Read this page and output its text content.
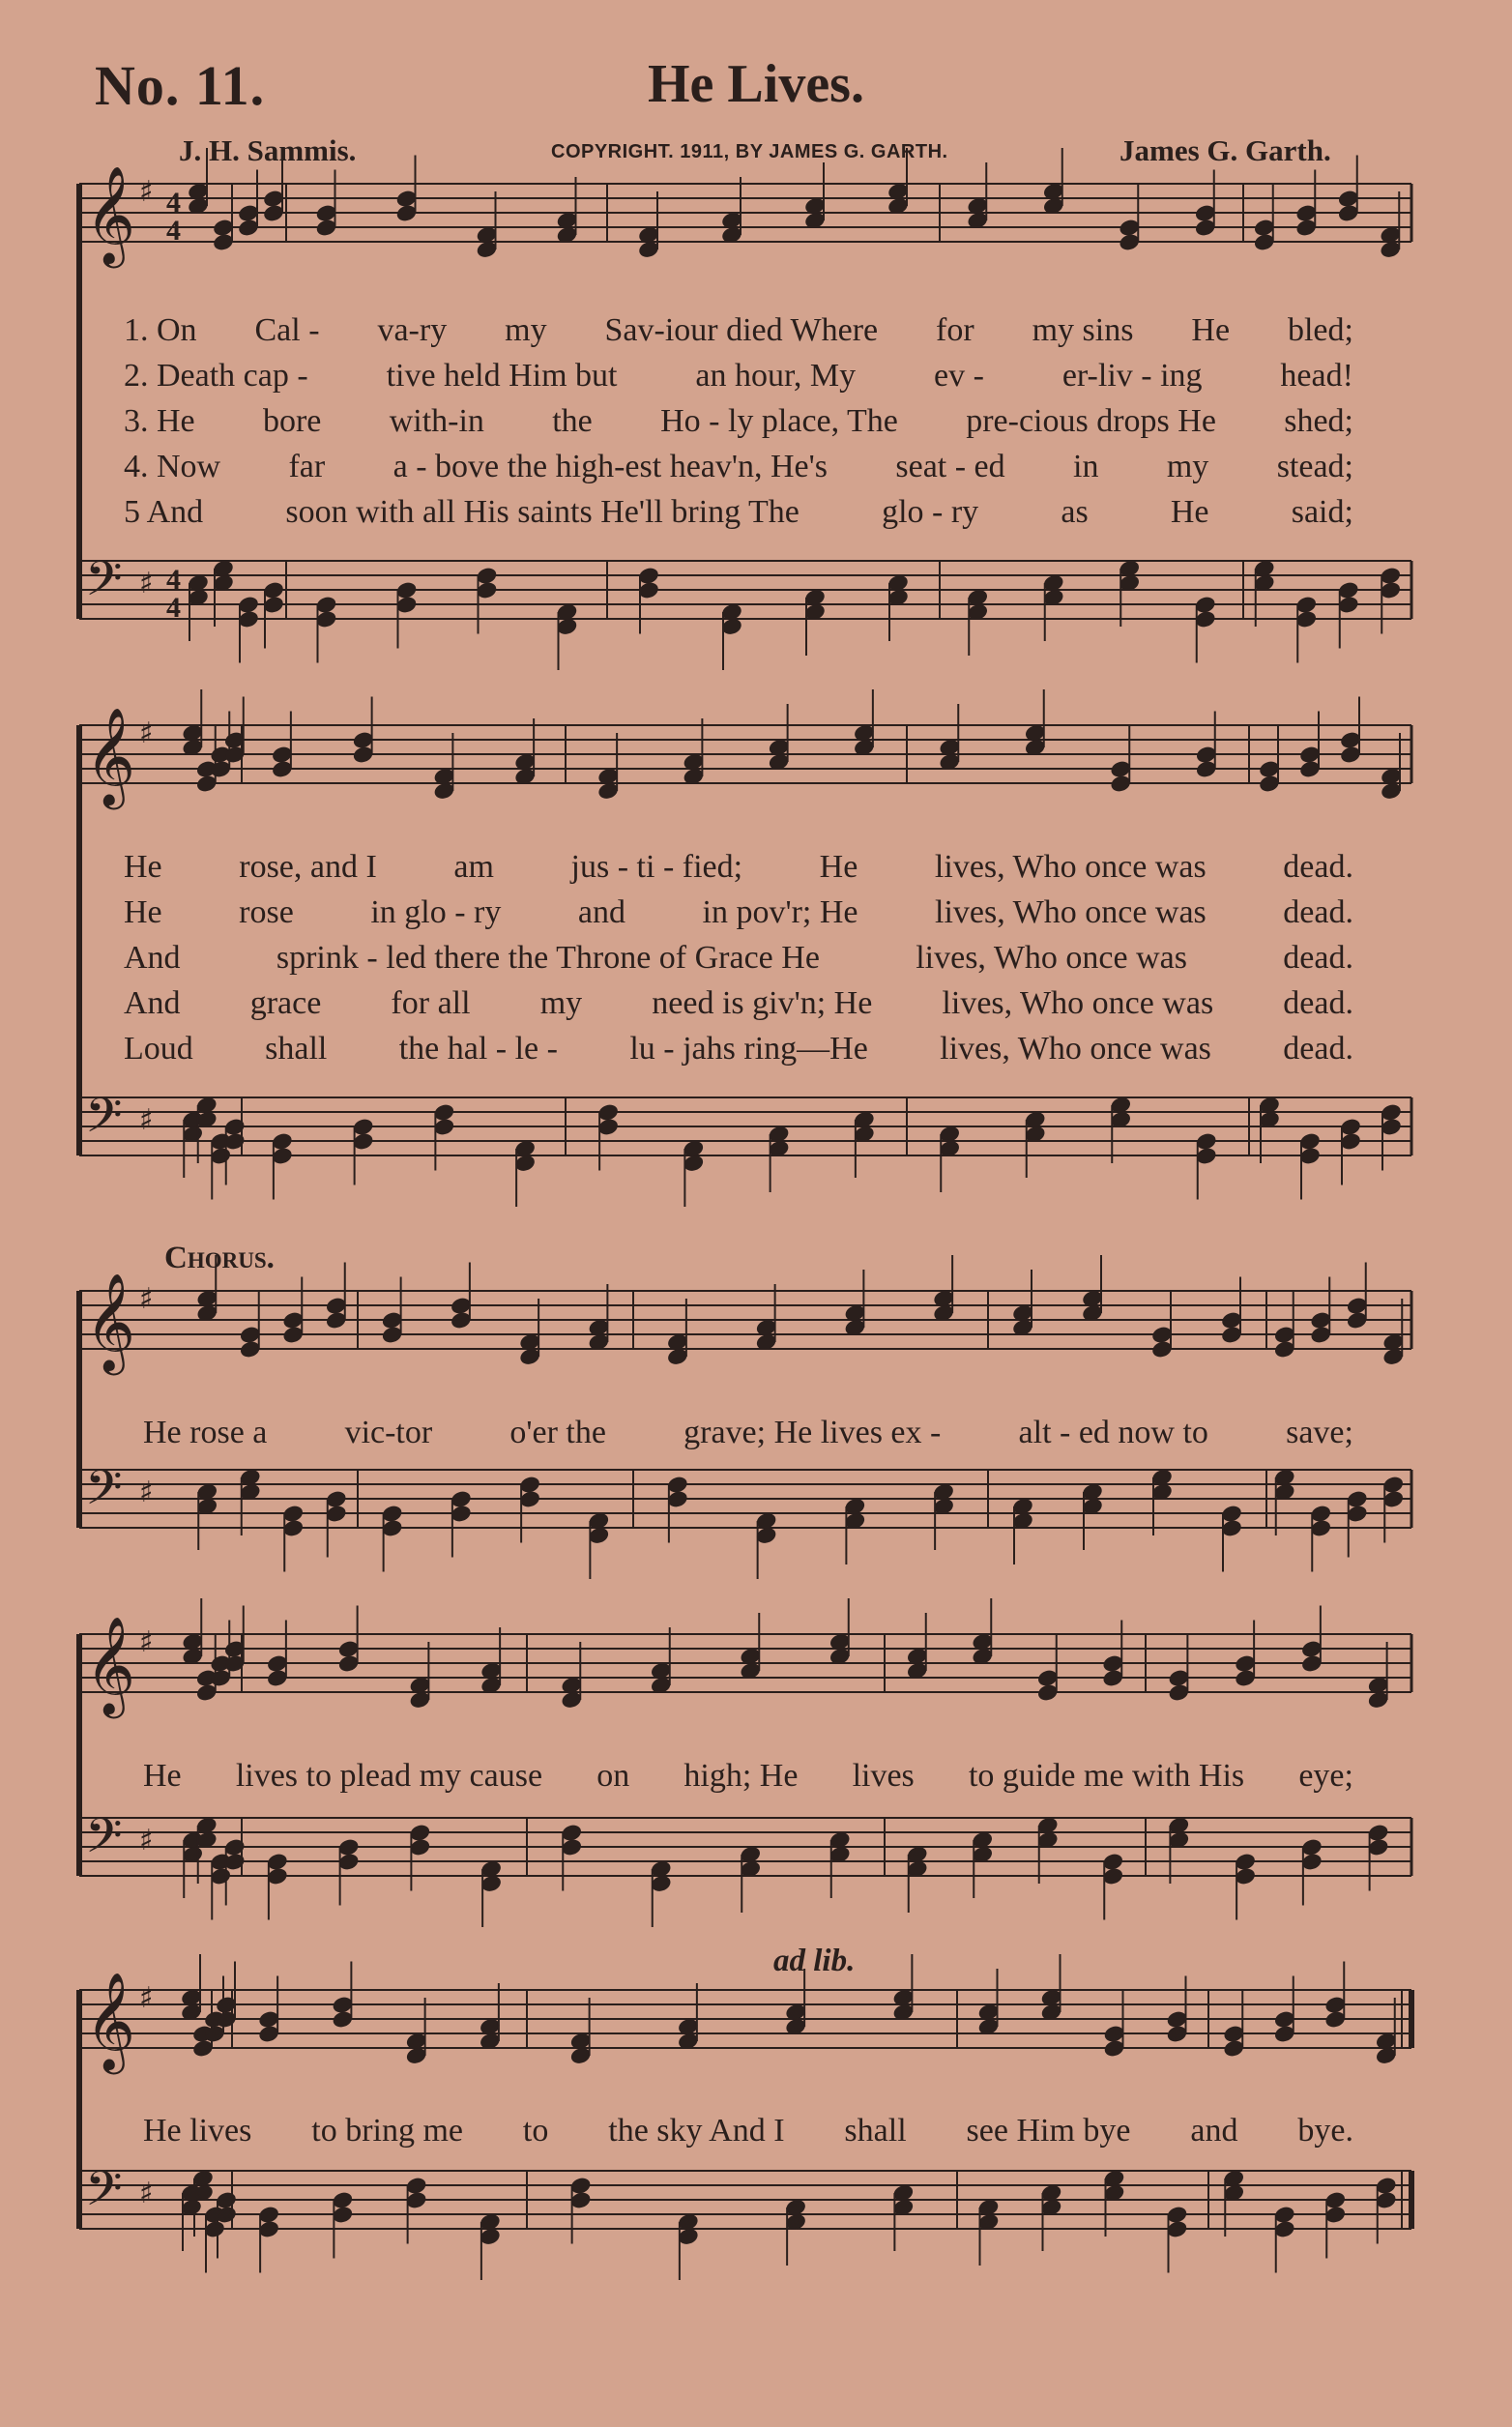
No. 11.	He Lives.
J. H. Sammis.	COPYRIGHT. 1911, BY JAMES G. GARTH.	James G. Garth.
𝄞 ♯ 4
4
𝄢 ♯ 4
4
𝄞 ♯
𝄢 ♯
𝄞 ♯
𝄢 ♯
𝄞 ♯
𝄢 ♯
𝄞 ♯
𝄢 ♯
Chorus.
ad lib.
1. On Cal - va-ry my Sav-iour died Where for my sins He bled;
2. Death cap - tive held Him but an hour, My ev - er-liv - ing head!
3. He bore with-in the Ho - ly place, The pre-cious drops He shed;
4. Now far a - bove the high-est heav'n, He's seat - ed in my stead;
5 And	soon with all His saints He'll bring The	glo - ry	as	He	said;
He rose, and I am jus - ti - fied; He lives, Who once was dead.
He rose in glo - ry and in pov'r; He lives, Who once was dead.
And	sprink - led there the Throne of Grace He	lives, Who once was	dead.
And grace for all my need is giv'n; He lives, Who once was dead.
Loud shall the hal - le - lu - jahs ring—He lives, Who once was dead.
He rose a vic-tor o'er the grave; He lives ex - alt - ed now to save;
He lives to plead my cause on high; He lives to guide me with His eye;
He lives to bring me to the sky And I shall see Him bye and bye.
